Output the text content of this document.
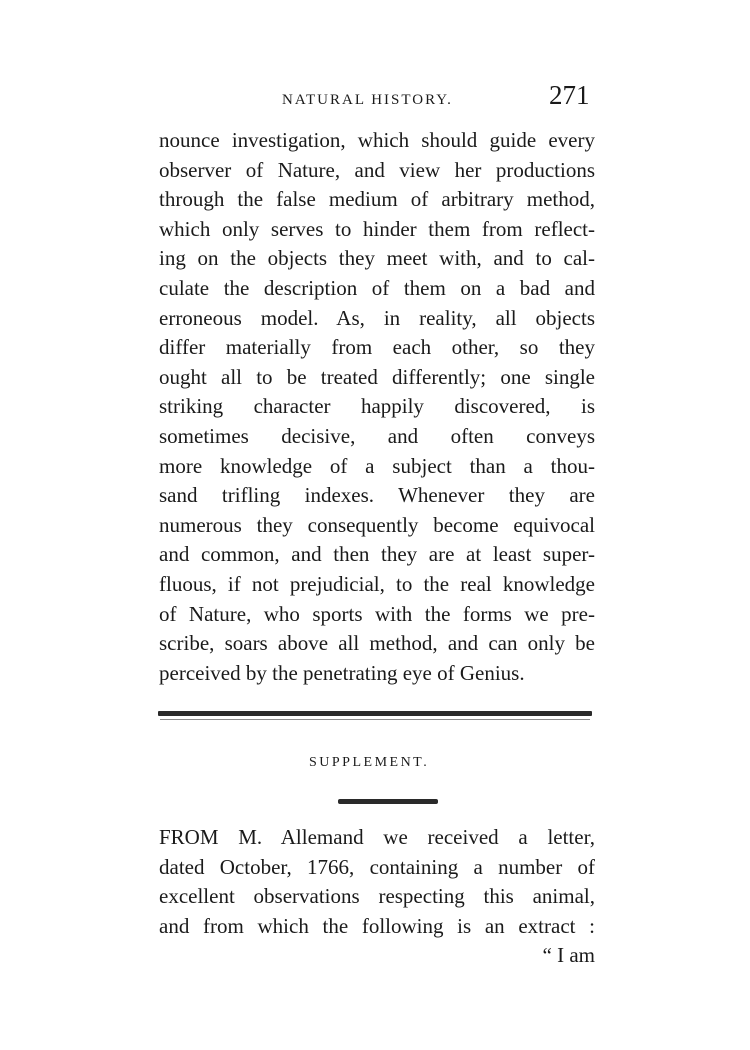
NATURAL HISTORY.	271
nounce investigation, which should guide every
observer of Nature, and view her productions
through the false medium of arbitrary method,
which only serves to hinder them from reflect-
ing on the objects they meet with, and to cal-
culate the description of them on a bad and
erroneous model. As, in reality, all objects
differ materially from each other, so they
ought all to be treated differently; one single
striking character happily discovered, is
sometimes decisive, and often conveys
more knowledge of a subject than a thou-
sand trifling indexes. Whenever they are
numerous they consequently become equivocal
and common, and then they are at least super-
fluous, if not prejudicial, to the real knowledge
of Nature, who sports with the forms we pre-
scribe, soars above all method, and can only be
perceived by the penetrating eye of Genius.
SUPPLEMENT.
FROM M. Allemand we received a letter,
dated October, 1766, containing a number of
excellent observations respecting this animal,
and from which the following is an extract :
“ I am
